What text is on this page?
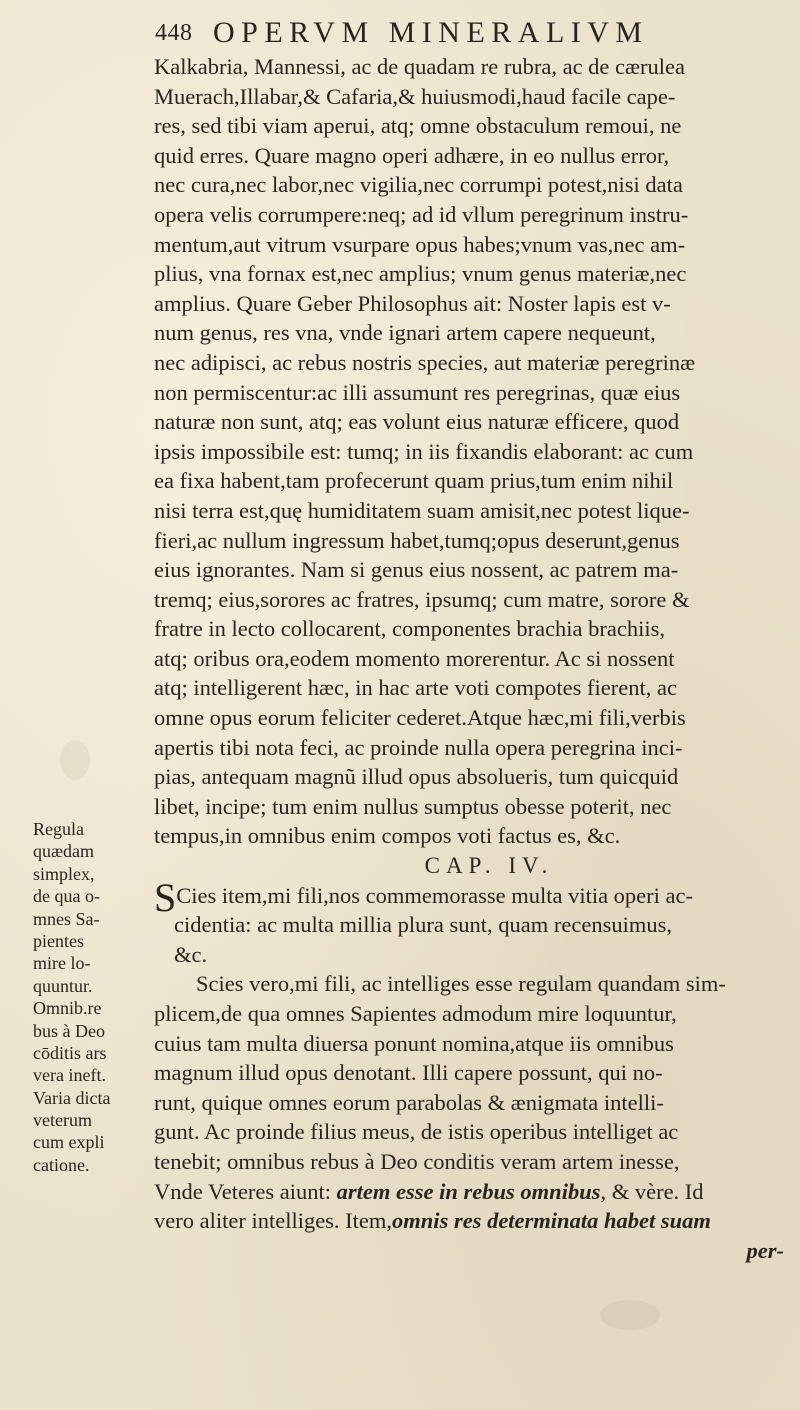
448 OPERVM MINERALIVM
Kalkabria, Mannessi, ac de quadam re rubra, ac de cærulea
Muerach,Illabar,& Cafaria,& huiusmodi,haud facile cape-
res, sed tibi viam aperui, atq; omne obstaculum remoui, ne
quid erres. Quare magno operi adhære, in eo nullus error,
nec cura,nec labor,nec vigilia,nec corrumpi potest,nisi data
opera velis corrumpere:neq; ad id vllum peregrinum instru-
mentum,aut vitrum vsurpare opus habes;vnum vas,nec am-
plius, vna fornax est,nec amplius; vnum genus materiæ,nec
amplius. Quare Geber Philosophus ait: Noster lapis est v-
num genus, res vna, vnde ignari artem capere nequeunt,
nec adipisci, ac rebus nostris species, aut materiæ peregrinæ
non permiscentur:ac illi assumunt res peregrinas, quæ eius
naturæ non sunt, atq; eas volunt eius naturæ efficere, quod
ipsis impossibile est: tumq; in iis fixandis elaborant: ac cum
ea fixa habent,tam profecerunt quam prius,tum enim nihil
nisi terra est,quę humiditatem suam amisit,nec potest lique-
fieri,ac nullum ingressum habet,tumq;opus deserunt,genus
eius ignorantes. Nam si genus eius nossent, ac patrem ma-
tremq; eius,sorores ac fratres, ipsumq; cum matre, sorore &
fratre in lecto collocarent, componentes brachia brachiis,
atq; oribus ora,eodem momento morerentur. Ac si nossent
atq; intelligerent hæc, in hac arte voti compotes fierent, ac
omne opus eorum feliciter cederet.Atque hæc,mi fili,verbis
apertis tibi nota feci, ac proinde nulla opera peregrina inci-
pias, antequam magnũ illud opus absolueris, tum quicquid
libet, incipe; tum enim nullus sumptus obesse poterit, nec
tempus,in omnibus enim compos voti factus es, &c.
CAP. IV.
SCies item,mi fili,nos commemorasse multa vitia operi ac-
cidentia: ac multa millia plura sunt, quam recensuimus,
&c.
Scies vero,mi fili, ac intelliges esse regulam quandam sim-
plicem,de qua omnes Sapientes admodum mire loquuntur,
cuius tam multa diuersa ponunt nomina,atque iis omnibus
magnum illud opus denotant. Illi capere possunt, qui no-
runt, quique omnes eorum parabolas & ænigmata intelli-
gunt. Ac proinde filius meus, de istis operibus intelliget ac
tenebit; omnibus rebus à Deo conditis veram artem inesse,
Vnde Veteres aiunt: artem esse in rebus omnibus, & vère. Id
vero aliter intelliges. Item,omnis res determinata habet suam
per-
Regula
quædam
simplex,
de qua o-
mnes Sa-
pientes
mire lo-
quuntur.
Omnib.re
bus à Deo
cōditis ars
vera ineft.
Varia dicta
veterum
cum expli
catione.
